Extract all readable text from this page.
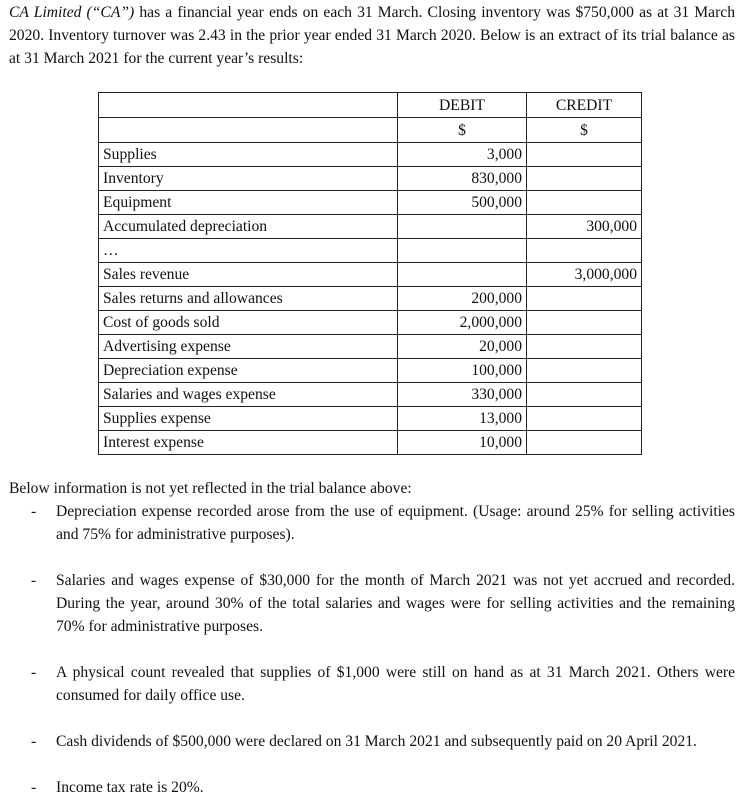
CA Limited (“CA”) has a financial year ends on each 31 March. Closing inventory was $750,000 as at 31 March 2020. Inventory turnover was 2.43 in the prior year ended 31 March 2020. Below is an extract of its trial balance as at 31 March 2021 for the current year’s results:
	DEBIT	CREDIT
	$	$
Supplies	3,000	
Inventory	830,000	
Equipment	500,000	
Accumulated depreciation		300,000
…		
Sales revenue		3,000,000
Sales returns and allowances	200,000	
Cost of goods sold	2,000,000	
Advertising expense	20,000	
Depreciation expense	100,000	
Salaries and wages expense	330,000	
Supplies expense	13,000	
Interest expense	10,000	

Below information is not yet reflected in the trial balance above:

- Depreciation expense recorded arose from the use of equipment. (Usage: around 25% for selling activities and 75% for administrative purposes).
- Salaries and wages expense of $30,000 for the month of March 2021 was not yet accrued and recorded. During the year, around 30% of the total salaries and wages were for selling activities and the remaining 70% for administrative purposes.
- A physical count revealed that supplies of $1,000 were still on hand as at 31 March 2021. Others were consumed for daily office use.
- Cash dividends of $500,000 were declared on 31 March 2021 and subsequently paid on 20 April 2021.
- Income tax rate is 20%.
